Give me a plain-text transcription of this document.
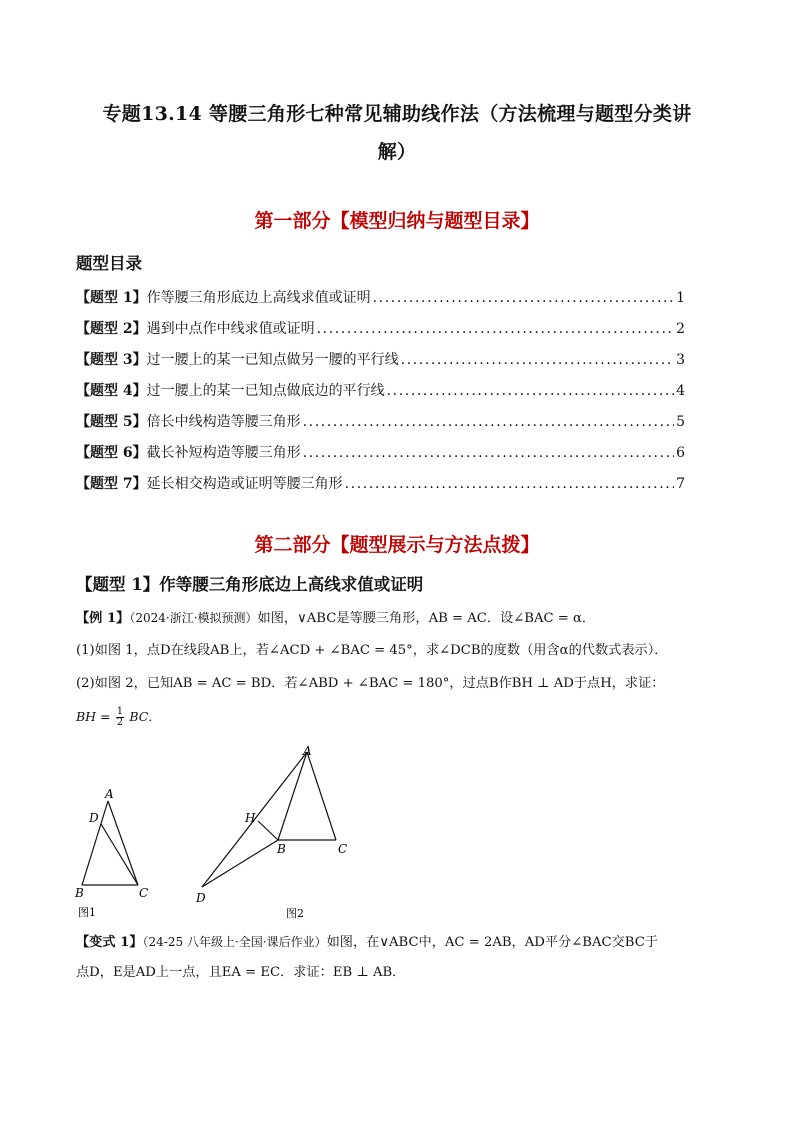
专题13.14 等腰三角形七种常见辅助线作法（方法梳理与题型分类讲
解）
第一部分【模型归纳与题型目录】
题型目录
【题型 1】 作等腰三角形底边上高线求值或证明 .....	1
【题型 2】 遇到中点作中线求值或证明 .....	2
【题型 3】 过一腰上的某一已知点做另一腰的平行线 .....	3
【题型 4】 过一腰上的某一已知点做底边的平行线 .....	4
【题型 5】 倍长中线构造等腰三角形 .....	5
【题型 6】 截长补短构造等腰三角形 .....	6
【题型 7】 延长相交构造或证明等腰三角形 .....	7
第二部分【题型展示与方法点拨】
【题型 1】作等腰三角形底边上高线求值或证明
【例 1】（2024·浙江·模拟预测）如图，∨ABC是等腰三角形，AB = AC．设∠BAC = α．
(1)如图 1，点D在线段AB上，若∠ACD + ∠BAC = 45°，求∠DCB的度数（用含α的代数式表示）．
(2)如图 2，已知AB = AC = BD．若∠ABD + ∠BAC = 180°，过点B作BH ⊥ AD于点H，求证：
BH = $\frac{1}{2}$ BC．
A
D
B	C
图1
A
H
B	C
D
图2
【变式 1】（24-25 八年级上·全国·课后作业）如图，在∨ABC中，AC = 2AB，AD平分∠BAC交BC于
点D，E是AD上一点，且EA = EC．求证：EB ⊥ AB．
